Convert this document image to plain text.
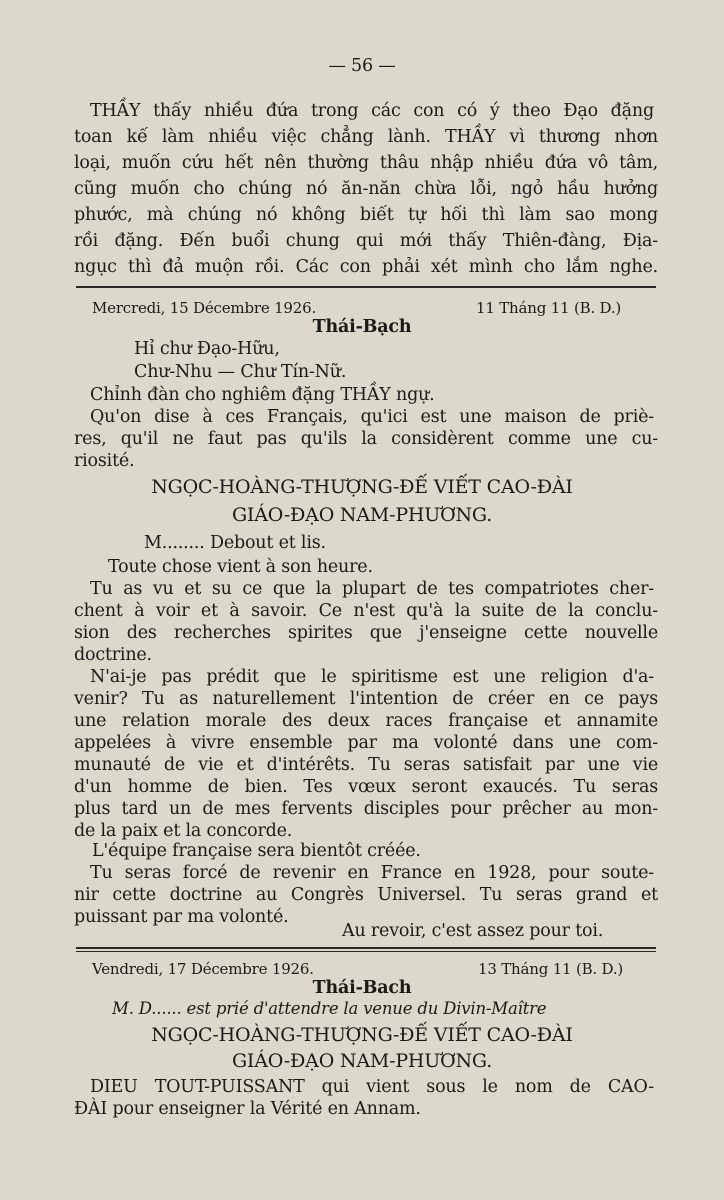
— 56 —

THẦY thấy nhiều đứa trong các con có ý theo Đạo đặng

toan kế làm nhiều việc chẳng lành. THẦY vì thương nhơn

loại, muốn cứu hết nên thường thâu nhập nhiều đứa vô tâm,

cũng muốn cho chúng nó ăn-năn chừa lỗi, ngỏ hầu hưởng

phước, mà chúng nó không biết tự hối thì làm sao mong

rồi đặng. Đến buổi chung qui mới thấy Thiên-đàng, Địa-

ngục thì đả muộn rồi. Các con phải xét mình cho lắm nghe.

Mercredi, 15 Décembre 1926.	11 Tháng 11 (B. D.)

Thái-Bạch

Hỉ chư Đạo-Hữu,

Chư-Nhu — Chư Tín-Nữ.

Chỉnh đàn cho nghiêm đặng THẦY ngự.

Qu'on dise à ces Français, qu'ici est une maison de priè-

res, qu'il ne faut pas qu'ils la considèrent comme une cu-

riosité.

NGỌC-HOÀNG-THƯỢNG-ĐẾ VIẾT CAO-ĐÀI

GIÁO-ĐẠO NAM-PHƯƠNG.

M........ Debout et lis.

Toute chose vient à son heure.

Tu as vu et su ce que la plupart de tes compatriotes cher-

chent à voir et à savoir. Ce n'est qu'à la suite de la conclu-

sion des recherches spirites que j'enseigne cette nouvelle

doctrine.

N'ai-je pas prédit que le spiritisme est une religion d'a-

venir? Tu as naturellement l'intention de créer en ce pays

une relation morale des deux races française et annamite

appelées à vivre ensemble par ma volonté dans une com-

munauté de vie et d'intérêts. Tu seras satisfait par une vie

d'un homme de bien. Tes vœux seront exaucés. Tu seras

plus tard un de mes fervents disciples pour prêcher au mon-

de la paix et la concorde.

L'équipe française sera bientôt créée.

Tu seras forcé de revenir en France en 1928, pour soute-

nir cette doctrine au Congrès Universel. Tu seras grand et

puissant par ma volonté.

Au revoir, c'est assez pour toi.

Vendredi, 17 Décembre 1926.	13 Tháng 11 (B. D.)

Thái-Bach

M. D...... est prié d'attendre la venue du Divin-Maître

NGỌC-HOÀNG-THƯỢNG-ĐẾ VIẾT CAO-ĐÀI

GIÁO-ĐẠO NAM-PHƯƠNG.

DIEU TOUT-PUISSANT qui vient sous le nom de CAO-

ĐÀI pour enseigner la Vérité en Annam.
